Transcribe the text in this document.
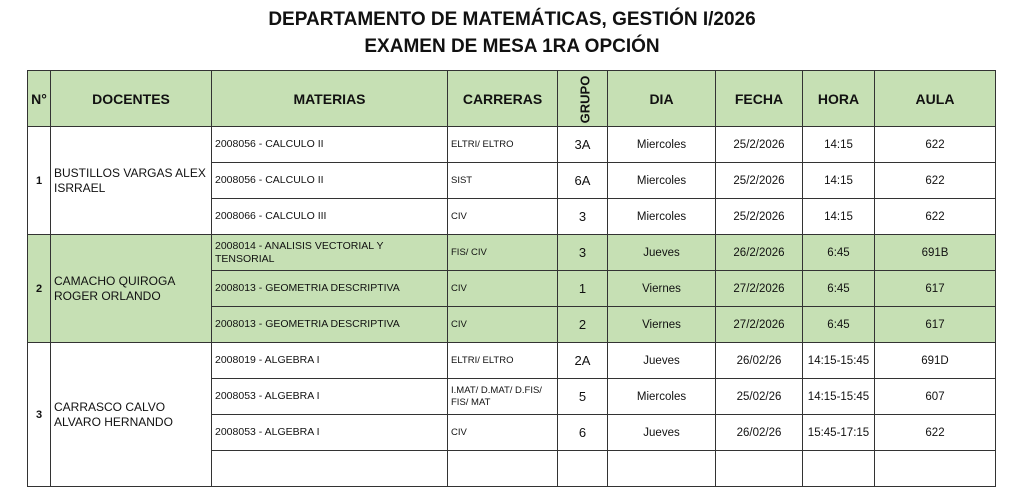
DEPARTAMENTO DE MATEMÁTICAS, GESTIÓN I/2026
EXAMEN DE MESA 1RA OPCIÓN
N°	DOCENTES	MATERIAS	CARRERAS	GRUPO	DIA	FECHA	HORA	AULA
1	BUSTILLOS VARGAS ALEX ISRRAEL	2008056 - CALCULO II	ELTRI/ ELTRO	3A	Miercoles	25/2/2026	14:15	622
		2008056 - CALCULO II	SIST	6A	Miercoles	25/2/2026	14:15	622
		2008066 - CALCULO III	CIV	3	Miercoles	25/2/2026	14:15	622
2	CAMACHO QUIROGA ROGER ORLANDO	2008014 - ANALISIS VECTORIAL Y TENSORIAL	FIS/ CIV	3	Jueves	26/2/2026	6:45	691B
		2008013 - GEOMETRIA DESCRIPTIVA	CIV	1	Viernes	27/2/2026	6:45	617
		2008013 - GEOMETRIA DESCRIPTIVA	CIV	2	Viernes	27/2/2026	6:45	617
3	CARRASCO CALVO ALVARO HERNANDO	2008019 - ALGEBRA I	ELTRI/ ELTRO	2A	Jueves	26/02/26	14:15-15:45	691D
		2008053 - ALGEBRA I	I.MAT/ D.MAT/ D.FIS/ FIS/ MAT	5	Miercoles	25/02/26	14:15-15:45	607
		2008053 - ALGEBRA I	CIV	6	Jueves	26/02/26	15:45-17:15	622
